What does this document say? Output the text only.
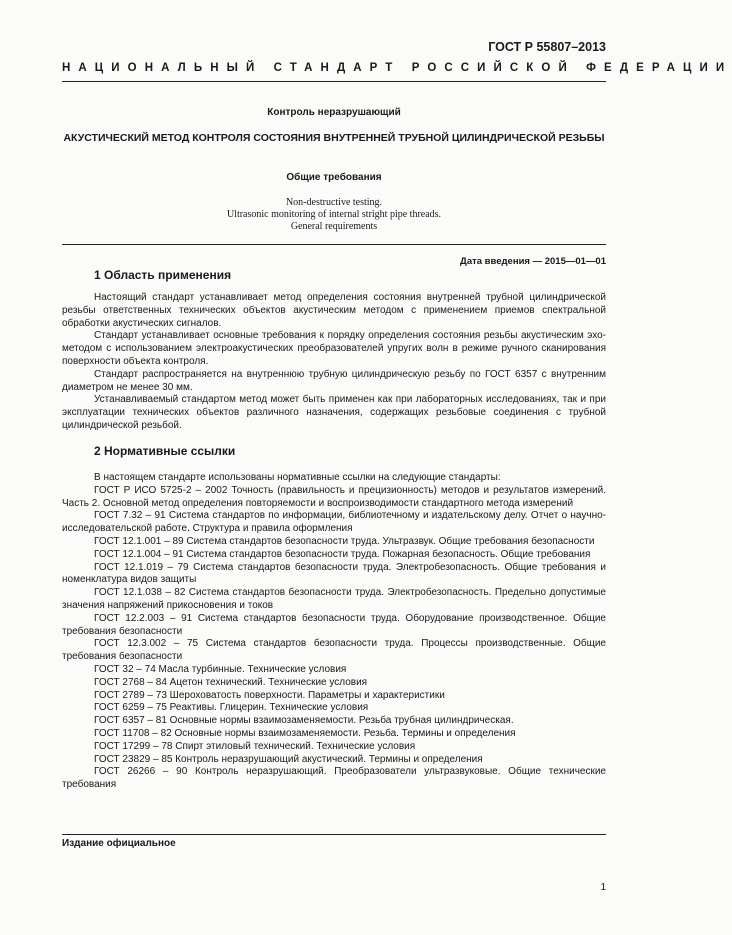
ГОСТ Р 55807–2013
НАЦИОНАЛЬНЫЙ СТАНДАРТ РОССИЙСКОЙ ФЕДЕРАЦИИ
Контроль неразрушающий
АКУСТИЧЕСКИЙ МЕТОД КОНТРОЛЯ СОСТОЯНИЯ ВНУТРЕННЕЙ ТРУБНОЙ ЦИЛИНДРИЧЕСКОЙ РЕЗЬБЫ
Общие требования
Non-destructive testing.
Ultrasonic monitoring of internal stright pipe threads.
General requirements
Дата введения — 2015—01—01
1 Область применения

Настоящий стандарт устанавливает метод определения состояния внутренней трубной цилиндрической резьбы ответственных технических объектов акустическим методом с применением приемов спектральной обработки акустических сигналов.

Стандарт устанавливает основные требования к порядку определения состояния резьбы акустическим эхо-методом с использованием электроакустических преобразователей упругих волн в режиме ручного сканирования поверхности объекта контроля.

Стандарт распространяется на внутреннюю трубную цилиндрическую резьбу по ГОСТ 6357 с внутренним диаметром не менее 30 мм.

Устанавливаемый стандартом метод может быть применен как при лабораторных исследованиях, так и при эксплуатации технических объектов различного назначения, содержащих резьбовые соединения с трубной цилиндрической резьбой.

2 Нормативные ссылки

В настоящем стандарте использованы нормативные ссылки на следующие стандарты:

ГОСТ Р ИСО 5725-2 – 2002 Точность (правильность и прецизионность) методов и результатов измерений. Часть 2. Основной метод определения повторяемости и воспроизводимости стандартного метода измерений

ГОСТ 7.32 – 91 Система стандартов по информации, библиотечному и издательскому делу. Отчет о научно-исследовательской работе. Структура и правила оформления

ГОСТ 12.1.001 – 89 Система стандартов безопасности труда. Ультразвук. Общие требования безопасности

ГОСТ 12.1.004 – 91 Система стандартов безопасности труда. Пожарная безопасность. Общие требования

ГОСТ 12.1.019 – 79 Система стандартов безопасности труда. Электробезопасность. Общие требования и номенклатура видов защиты

ГОСТ 12.1.038 – 82 Система стандартов безопасности труда. Электробезопасность. Предельно допустимые значения напряжений прикосновения и токов

ГОСТ 12.2.003 – 91 Система стандартов безопасности труда. Оборудование производственное. Общие требования безопасности

ГОСТ 12.3.002 – 75 Система стандартов безопасности труда. Процессы производственные. Общие требования безопасности

ГОСТ 32 – 74 Масла турбинные. Технические условия

ГОСТ 2768 – 84 Ацетон технический. Технические условия

ГОСТ 2789 – 73 Шероховатость поверхности. Параметры и характеристики

ГОСТ 6259 – 75 Реактивы. Глицерин. Технические условия

ГОСТ 6357 – 81 Основные нормы взаимозаменяемости. Резьба трубная цилиндрическая.

ГОСТ 11708 – 82 Основные нормы взаимозаменяемости. Резьба. Термины и определения

ГОСТ 17299 – 78 Спирт этиловый технический. Технические условия

ГОСТ 23829 – 85 Контроль неразрушающий акустический. Термины и определения

ГОСТ 26266 – 90 Контроль неразрушающий. Преобразователи ультразвуковые. Общие технические требования

Издание официальное
1
